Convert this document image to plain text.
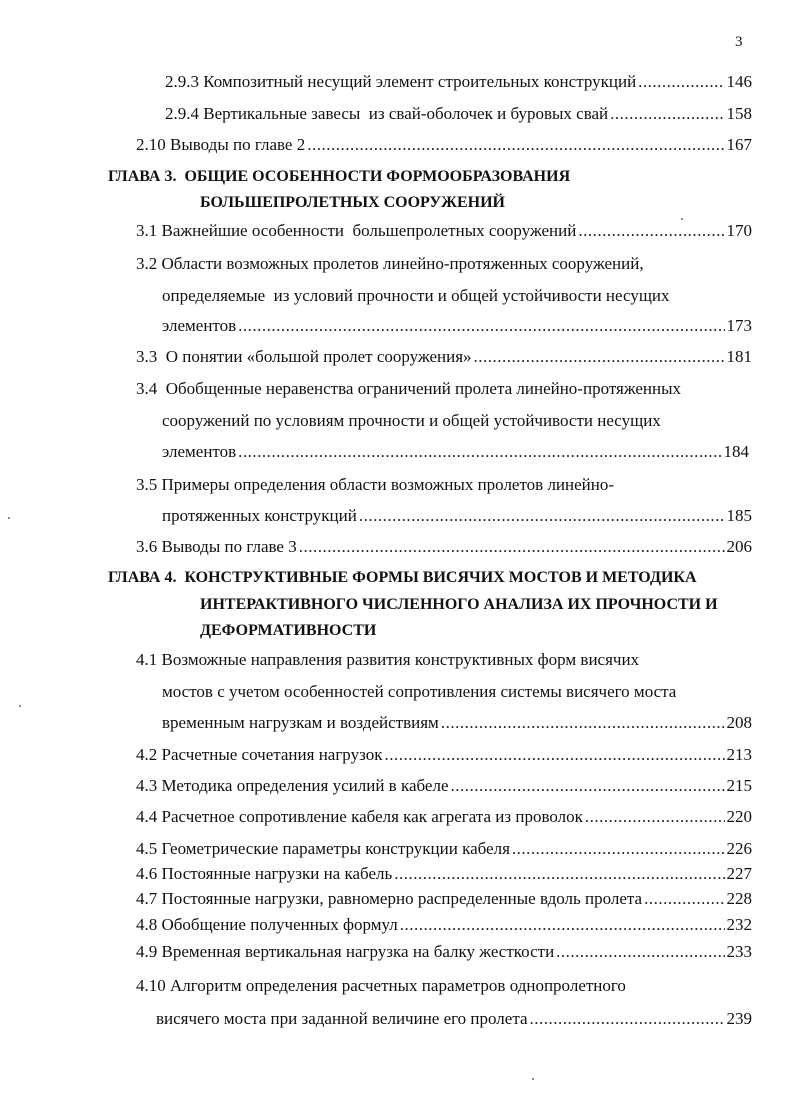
3
2.9.3
Композитный несущий элемент строительных конструкций .....	146
2.9.4
Вертикальные завесы  из свай-оболочек и буровых свай .....	158
2.10
Выводы по главе 2 .....	167
ГЛАВА 3.  ОБЩИЕ ОСОБЕННОСТИ ФОРМООБРАЗОВАНИЯ
БОЛЬШЕПРОЛЕТНЫХ СООРУЖЕНИЙ
3.1
Важнейшие особенности  большепролетных сооружений .....	170
3.2 Области возможных пролетов линейно-протяженных сооружений,
определяемые  из условий прочности и общей устойчивости несущих
элементов .....	173
3.3
О понятии «большой пролет сооружения» .....	181
3.4 Обобщенные неравенства ограничений пролета линейно-протяженных
сооружений по условиям прочности и общей устойчивости несущих
элементов .....	184
3.5 Примеры определения области возможных пролетов линейно-
протяженных конструкций .....	185
3.6
Выводы по главе 3 .....	206
ГЛАВА 4.  КОНСТРУКТИВНЫЕ ФОРМЫ ВИСЯЧИХ МОСТОВ И МЕТОДИКА
ИНТЕРАКТИВНОГО ЧИСЛЕННОГО АНАЛИЗА ИХ ПРОЧНОСТИ И
ДЕФОРМАТИВНОСТИ
4.1 Возможные направления развития конструктивных форм висячих
мостов с учетом особенностей сопротивления системы висячего моста
временным нагрузкам и воздействиям .....	208
4.2
Расчетные сочетания нагрузок .....	213
4.3
Методика определения усилий в кабеле .....	215
4.4
Расчетное сопротивление кабеля как агрегата из проволок .....	220
4.5
Геометрические параметры конструкции кабеля .....	226
4.6
Постоянные нагрузки на кабель .....	227
4.7
Постоянные нагрузки, равномерно распределенные вдоль пролета .....	228
4.8
Обобщение полученных формул .....	232
4.9
Временная вертикальная нагрузка на балку жесткости .....	233
4.10 Алгоритм определения расчетных параметров однопролетного
висячего моста при заданной величине его пролета .....	239
